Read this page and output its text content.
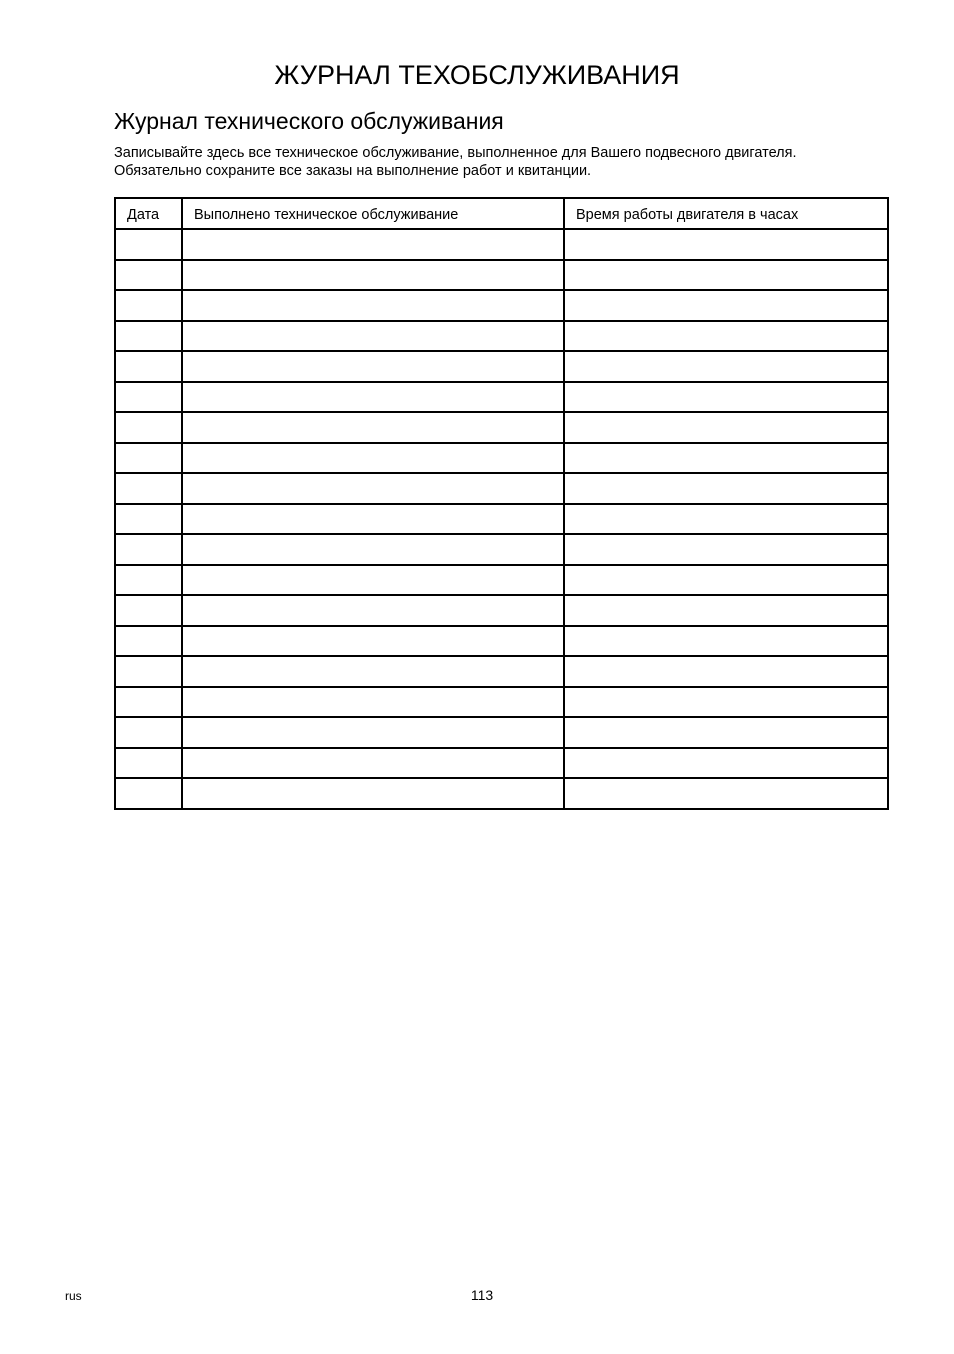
ЖУРНАЛ ТЕХОБСЛУЖИВАНИЯ
Журнал технического обслуживания

Записывайте здесь все техническое обслуживание, выполненное для Вашего подвесного двигателя.
Обязательно сохраните все заказы на выполнение работ и квитанции.

Дата	Выполнено техническое обслуживание	Время работы двигателя в часах

rus	113
